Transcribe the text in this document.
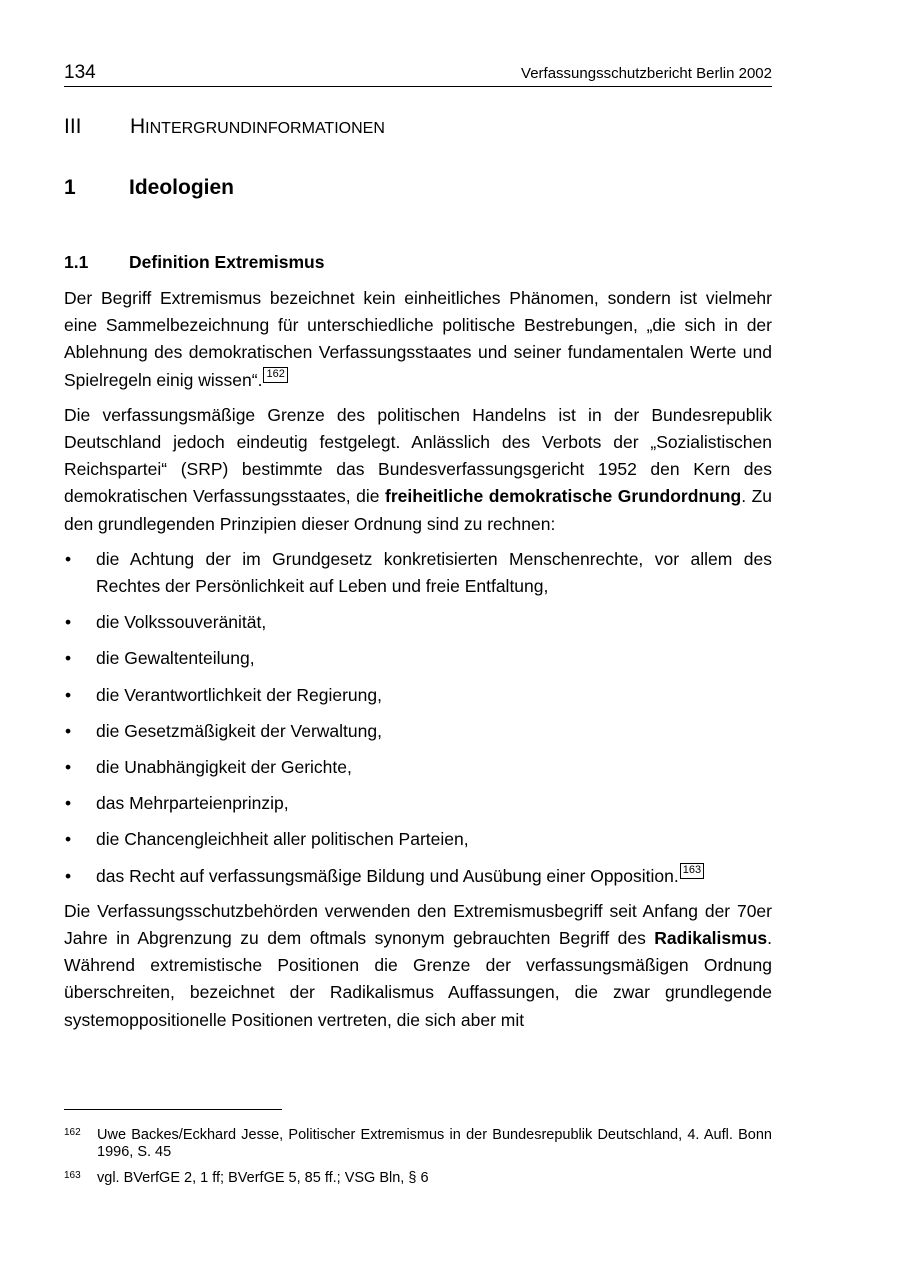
134	Verfassungsschutzbericht Berlin 2002
III HINTERGRUNDINFORMATIONEN
1	Ideologien
1.1 Definition Extremismus

Der Begriff Extremismus bezeichnet kein einheitliches Phänomen, sondern ist vielmehr eine Sammelbezeichnung für unterschiedliche politische Bestrebungen, „die sich in der Ablehnung des demokratischen Verfassungsstaates und seiner fundamentalen Werte und Spielregeln einig wissen“. 162

Die verfassungsmäßige Grenze des politischen Handelns ist in der Bundesrepublik Deutschland jedoch eindeutig festgelegt. Anlässlich des Verbots der „Sozialistischen Reichspartei“ (SRP) bestimmte das Bundesverfassungsgericht 1952 den Kern des demokratischen Verfassungsstaates, die freiheitliche demokratische Grundordnung. Zu den grundlegenden Prinzipien dieser Ordnung sind zu rechnen:

• die Achtung der im Grundgesetz konkretisierten Menschenrechte, vor allem des Rechtes der Persönlichkeit auf Leben und freie Entfaltung,
• die Volkssouveränität,
• die Gewaltenteilung,
• die Verantwortlichkeit der Regierung,
• die Gesetzmäßigkeit der Verwaltung,
• die Unabhängigkeit der Gerichte,
• das Mehrparteienprinzip,
• die Chancengleichheit aller politischen Parteien,
• das Recht auf verfassungsmäßige Bildung und Ausübung einer Opposition. 163

Die Verfassungsschutzbehörden verwenden den Extremismusbegriff seit Anfang der 70er Jahre in Abgrenzung zu dem oftmals synonym gebrauchten Begriff des Radikalismus. Während extremistische Positionen die Grenze der verfassungsmäßigen Ordnung überschreiten, bezeichnet der Radikalismus Auffassungen, die zwar grundlegende systemoppositionelle Positionen vertreten, die sich aber mit

162 Uwe Backes/Eckhard Jesse, Politischer Extremismus in der Bundesrepublik Deutschland, 4. Aufl. Bonn 1996, S. 45
163 vgl. BVerfGE 2, 1 ff; BVerfGE 5, 85 ff.; VSG Bln, § 6
